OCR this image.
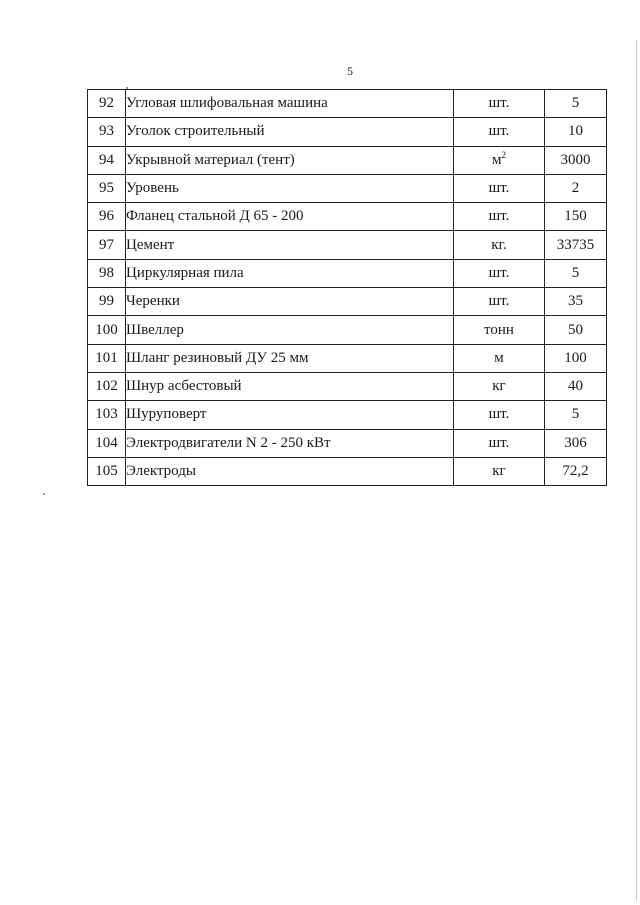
5
92	Угловая шлифовальная машина	шт.	5
93	Уголок строительный	шт.	10
94	Укрывной материал (тент)	$м^2$	3000
95	Уровень	шт.	2
96	Фланец стальной Д 65 - 200	шт.	150
97	Цемент	кг.	33735
98	Циркулярная пила	шт.	5
99	Черенки	шт.	35
100	Швеллер	тонн	50
101	Шланг резиновый ДУ 25 мм	м	100
102	Шнур асбестовый	кг	40
103	Шуруповерт	шт.	5
104	Электродвигатели N 2 - 250 кВт	шт.	306
105	Электроды	кг	72,2
